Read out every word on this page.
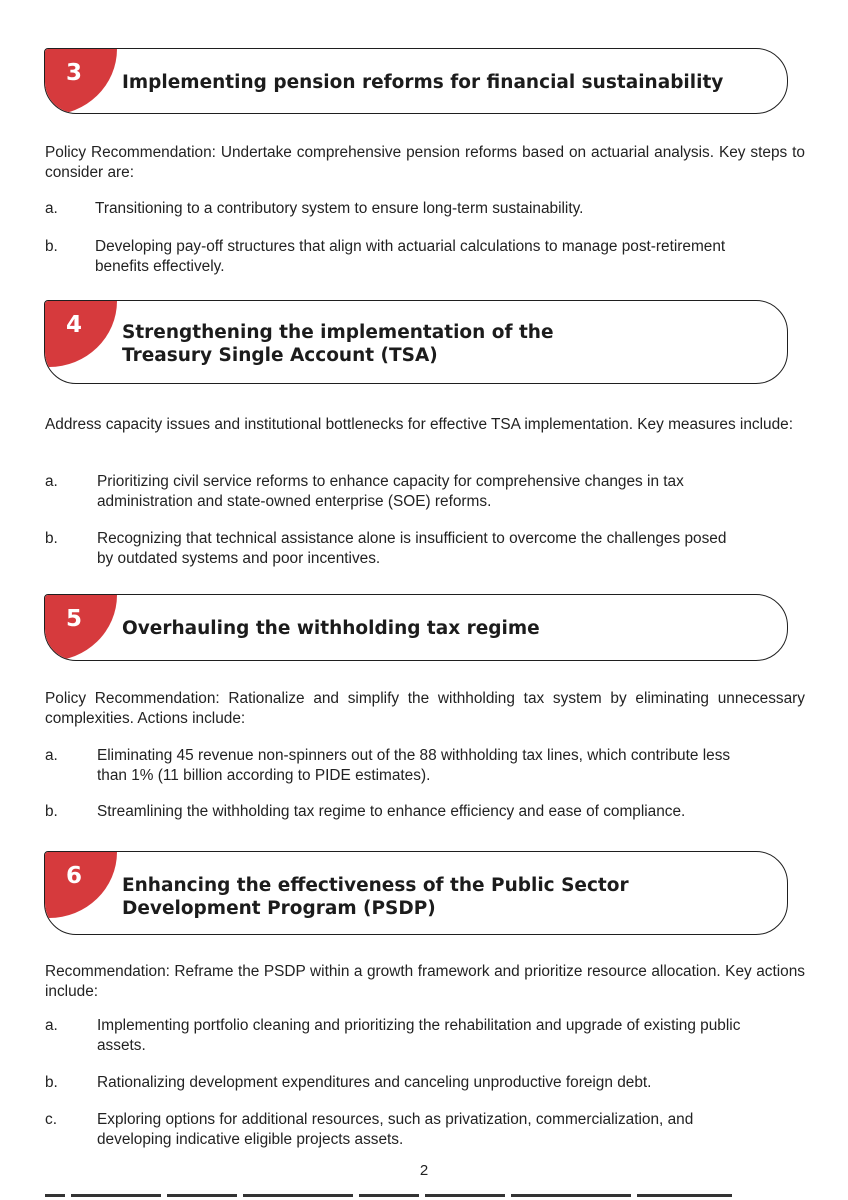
3	Implementing pension reforms for financial sustainability
Policy Recommendation: Undertake comprehensive pension reforms based on actuarial analysis. Key steps to consider are:
a. Transitioning to a contributory system to ensure long-term sustainability.
b. Developing pay-off structures that align with actuarial calculations to manage post-retirement benefits effectively.
4	Strengthening the implementation of the Treasury Single Account (TSA)
Address capacity issues and institutional bottlenecks for effective TSA implementation. Key measures include:
a.	Prioritizing civil service reforms to enhance capacity for comprehensive changes in tax administration and state-owned enterprise (SOE) reforms.
b.	Recognizing that technical assistance alone is insufficient to overcome the challenges posed by outdated systems and poor incentives.
5	Overhauling the withholding tax regime
Policy Recommendation: Rationalize and simplify the withholding tax system by eliminating unnecessary complexities. Actions include:
a.	Eliminating 45 revenue non-spinners out of the 88 withholding tax lines, which contribute less than 1% (11 billion according to PIDE estimates).
b.	Streamlining the withholding tax regime to enhance efficiency and ease of compliance.
6	Enhancing the effectiveness of the Public Sector Development Program (PSDP)
Recommendation: Reframe the PSDP within a growth framework and prioritize resource allocation. Key actions include:
a.	Implementing portfolio cleaning and prioritizing the rehabilitation and upgrade of existing public assets.
b.	Rationalizing development expenditures and canceling unproductive foreign debt.
c.	Exploring options for additional resources, such as privatization, commercialization, and developing indicative eligible projects assets.
2
